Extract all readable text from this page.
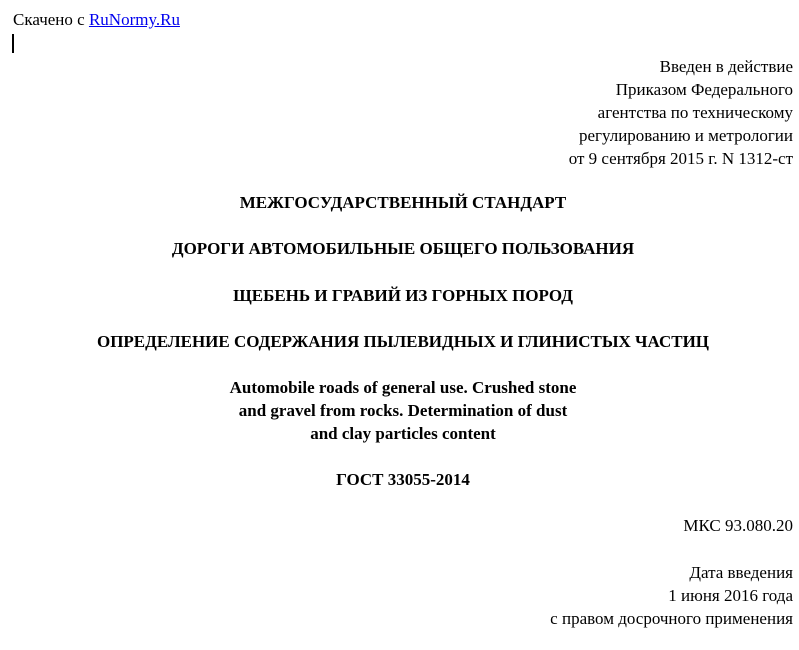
Скачено с RuNormy.Ru
Введен в действие
Приказом Федерального
агентства по техническому
регулированию и метрологии
от 9 сентября 2015 г. N 1312-ст
МЕЖГОСУДАРСТВЕННЫЙ СТАНДАРТ
ДОРОГИ АВТОМОБИЛЬНЫЕ ОБЩЕГО ПОЛЬЗОВАНИЯ
ЩЕБЕНЬ И ГРАВИЙ ИЗ ГОРНЫХ ПОРОД
ОПРЕДЕЛЕНИЕ СОДЕРЖАНИЯ ПЫЛЕВИДНЫХ И ГЛИНИСТЫХ ЧАСТИЦ
Automobile roads of general use. Crushed stone
and gravel from rocks. Determination of dust
and clay particles content
ГОСТ 33055-2014
МКС 93.080.20
Дата введения
1 июня 2016 года
с правом досрочного применения
